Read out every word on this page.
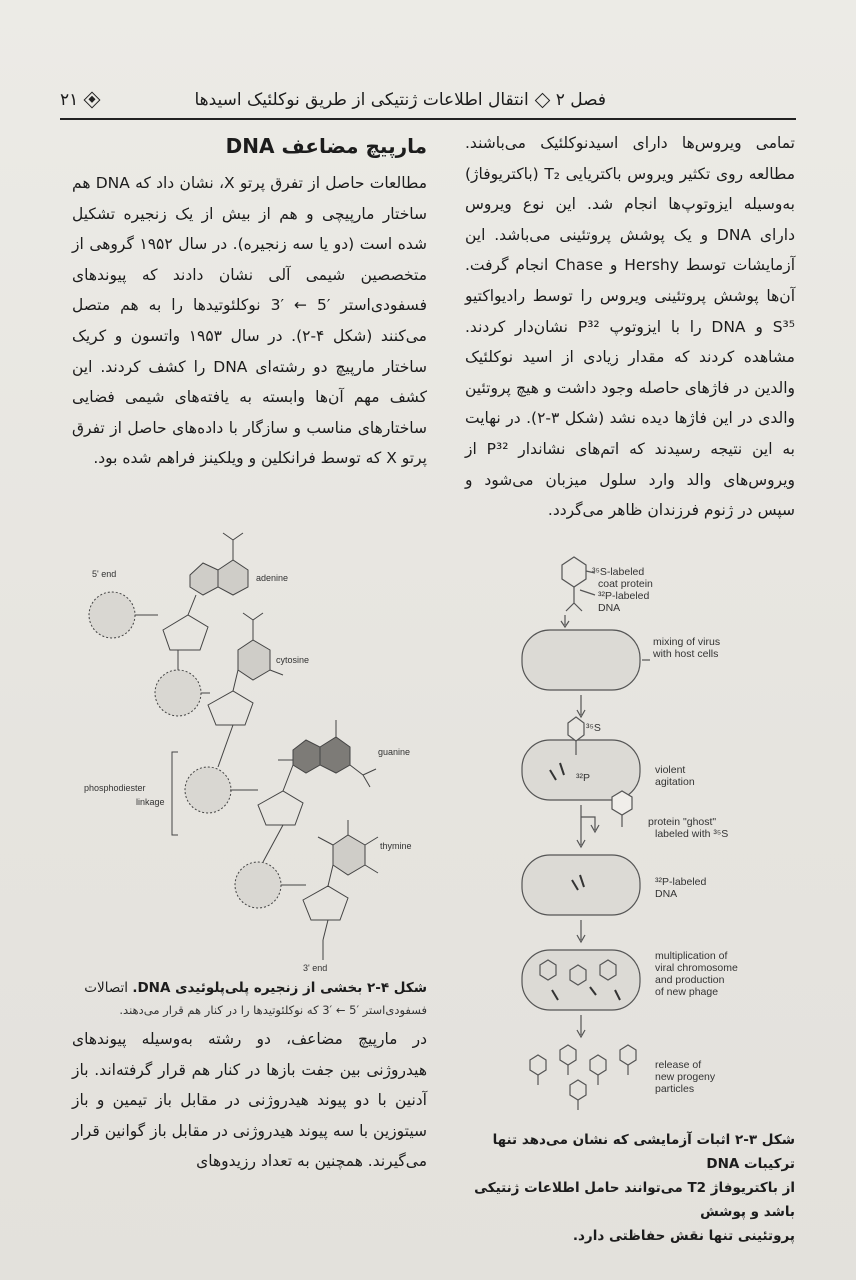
فصل ۲
انتقال اطلاعات ژنتیکی از طریق نوکلئیک اسیدها
۲۱

تمامی ویروس‌ها دارای اسیدنوکلئیک می‌باشند. مطالعه روی تکثیر ویروس باکتریایی T₂ (باکتریوفاژ) به‌وسیله ایزوتوپ‌ها انجام شد. این نوع ویروس دارای DNA و یک پوشش پروتئینی می‌باشد. این آزمایشات توسط Hershy و Chase انجام گرفت. آن‌ها پوشش پروتئینی ویروس را توسط رادیواکتیو S³⁵ و DNA را با ایزوتوپ P³² نشان‌دار کردند. مشاهده کردند که مقدار زیادی از اسید نوکلئیک والدین در فاژهای حاصله وجود داشت و هیچ پروتئین والدی در این فاژها دیده نشد (شکل ۳-۲). در نهایت به این نتیجه رسیدند که اتم‌های نشاندار P³² از ویروس‌های والد وارد سلول میزبان می‌شود و سپس در ژنوم فرزندان ظاهر می‌گردد.

مارپیچ مضاعف DNA

مطالعات حاصل از تفرق پرتو X، نشان داد که DNA هم ساختار مارپیچی و هم از بیش از یک زنجیره تشکیل شده است (دو یا سه زنجیره). در سال ۱۹۵۲ گروهی از متخصصین شیمی آلی نشان دادند که پیوندهای فسفودی‌استر ′5 ← ′3 نوکلئوتیدها را به هم متصل می‌کنند (شکل ۴-۲). در سال ۱۹۵۳ واتسون و کریک ساختار مارپیچ دو رشته‌ای DNA را کشف کردند. این کشف مهم آن‌ها وابسته به یافته‌های شیمی فضایی ساختارهای مناسب و سازگار با داده‌های حاصل از تفرق پرتو X که توسط فرانکلین و ویلکینز فراهم شده بود.

5' end	adenine
cytosine
guanine
thymine
phosphodiester
linkage
3' end
شکل ۴-۲ بخشی از زنجیره پلی‌پلوئیدی DNA. اتصالات
فسفودی‌استر ′5 ← ′3 که نوکلئوتیدها را در کنار هم قرار می‌دهند.

در مارپیچ مضاعف، دو رشته به‌وسیله پیوندهای هیدروژنی بین جفت بازها در کنار هم قرار گرفته‌اند. باز آدنین با دو پیوند هیدروژنی در مقابل باز تیمین و باز سیتوزین با سه پیوند هیدروژنی در مقابل باز گوانین قرار می‌گیرند. همچنین به تعداد رزیدوهای

³⁵S-labeled
coat protein
³²P-labeled
DNA
mixing of virus
with host cells
³⁵S
³²P
violent
agitation
protein "ghost"
labeled with ³⁵S
³²P-labeled
DNA
multiplication of
viral chromosome
and production
of new phage
release of
new progeny
particles
شکل ۳-۲ اثبات آزمایشی که نشان می‌دهد تنها ترکیبات DNA
از باکتریوفاژ T2 می‌توانند حامل اطلاعات ژنتیکی باشد و پوشش
پروتئینی تنها نقش حفاظتی دارد.
